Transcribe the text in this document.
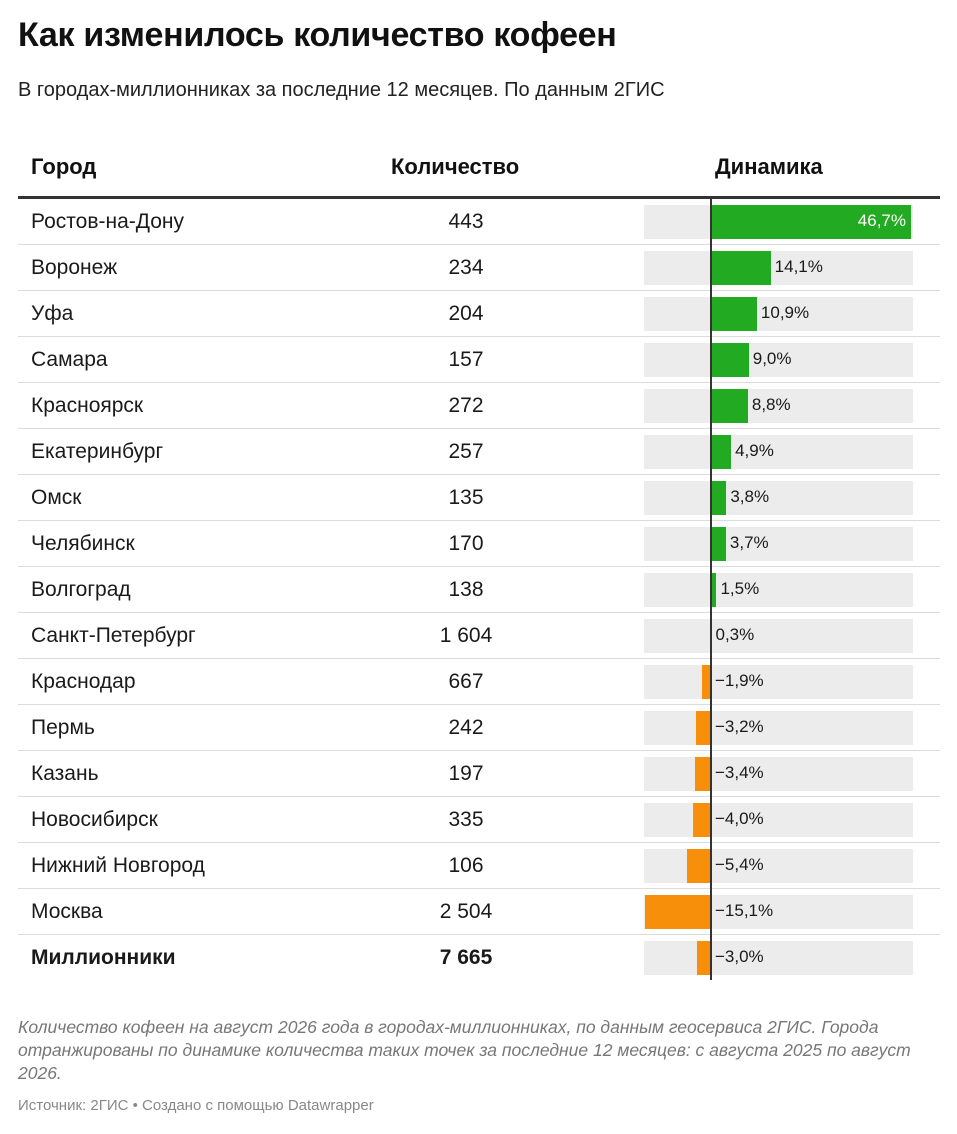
Как изменилось количество кофеен
В городах-миллионниках за последние 12 месяцев. По данным 2ГИС
Город	Количество	Динамика
Ростов-на-Дону	443	46,7%
Воронеж	234	14,1%
Уфа	204	10,9%
Самара	157	9,0%
Красноярск	272	8,8%
Екатеринбург	257	4,9%
Омск	135	3,8%
Челябинск	170	3,7%
Волгоград	138	1,5%
Санкт-Петербург	1 604	0,3%
Краснодар	667	−1,9%
Пермь	242	−3,2%
Казань	197	−3,4%
Новосибирск	335	−4,0%
Нижний Новгород	106	−5,4%
Москва	2 504	−15,1%
Миллионники	7 665	−3,0%
Количество кофеен на август 2026 года в городах-миллионниках, по данным геосервиса 2ГИС. Города отранжированы по динамике количества таких точек за последние 12 месяцев: с августа 2025 по август 2026.
Источник: 2ГИС • Создано с помощью Datawrapper
